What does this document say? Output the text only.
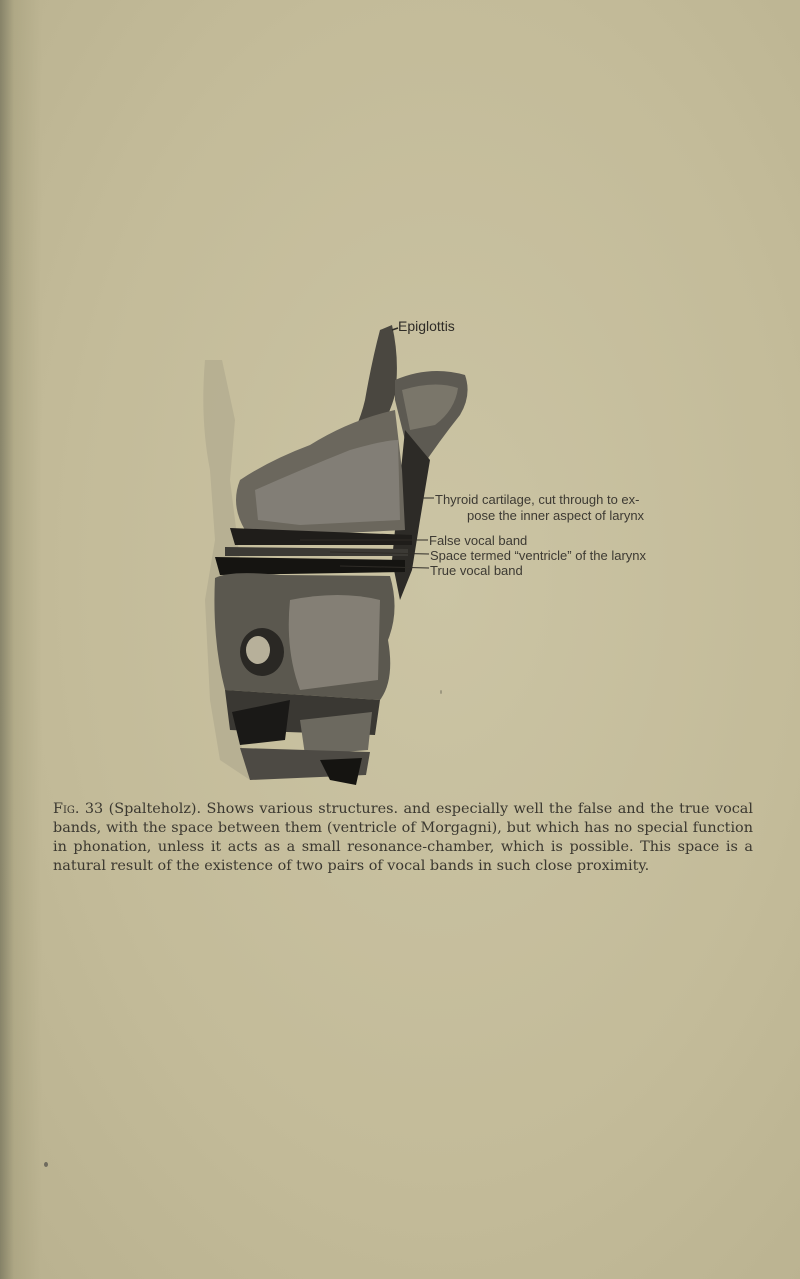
Epiglottis
Thyroid cartilage, cut through to ex-
pose the inner aspect of larynx
False vocal band
Space termed “ventricle” of the larynx
True vocal band
Fig. 33 (Spalteholz). Shows various structures. and especially well the false and the true vocal bands, with the space between them (ventricle of Morgagni), but which has no special function in phonation, unless it acts as a small resonance-chamber, which is possible. This space is a natural result of the existence of two pairs of vocal bands in such close proximity.
